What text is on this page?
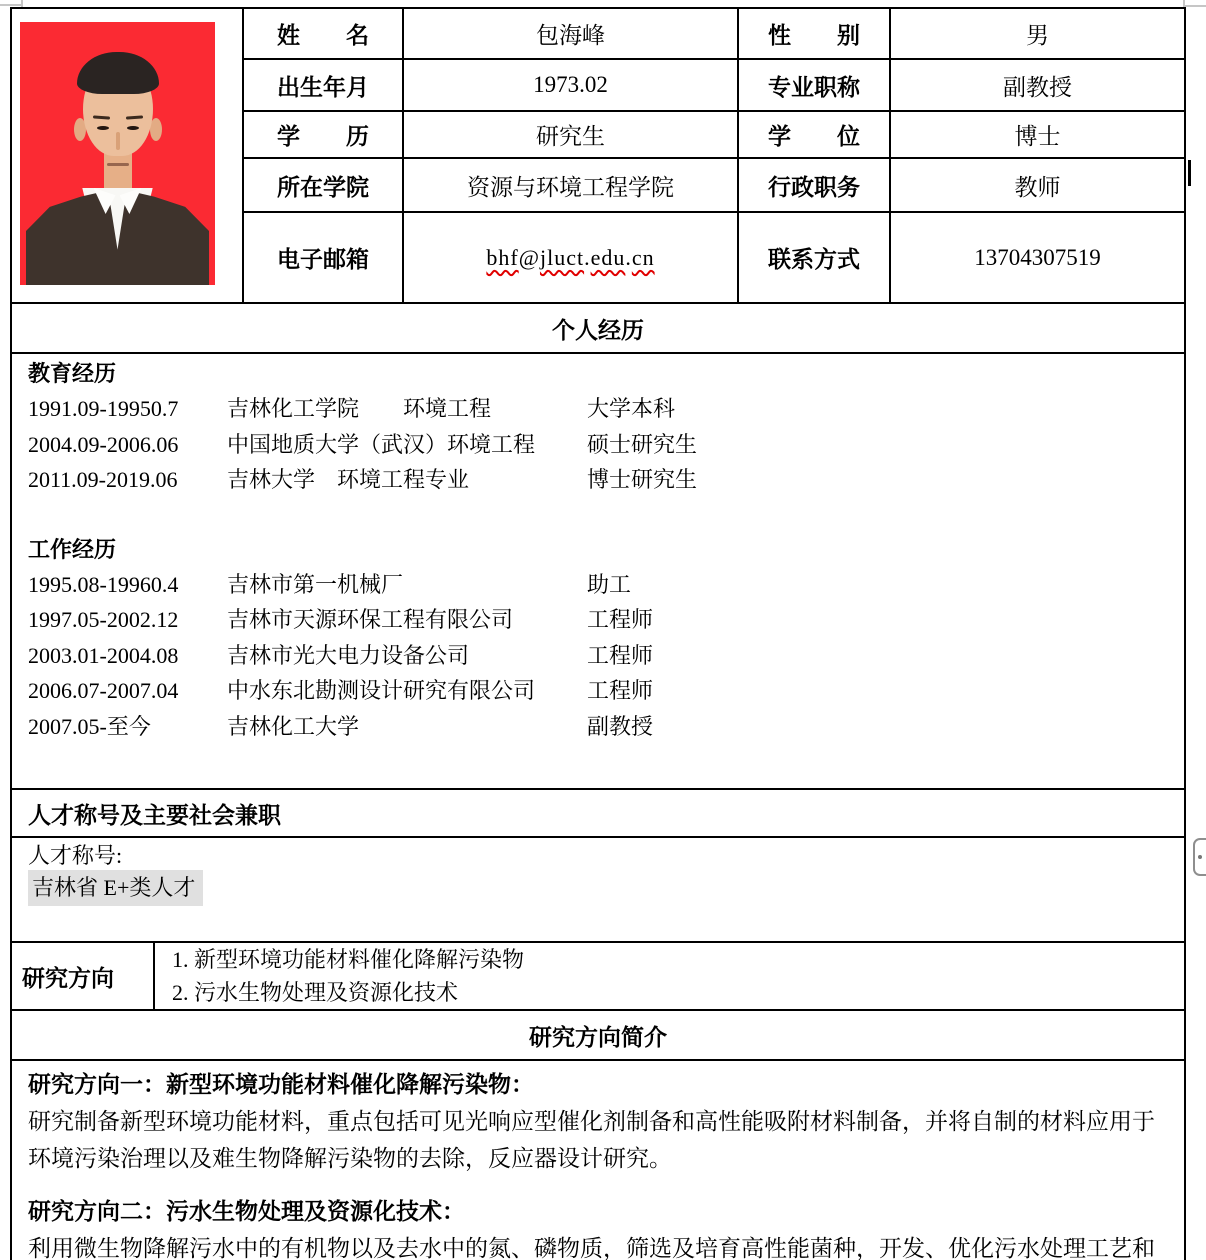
姓　　名	包海峰	性　　别	男
出生年月	1973.02	专业职称	副教授
学　　历	研究生	学　　位	博士
所在学院	资源与环境工程学院	行政职务	教师
电子邮箱	bhf@jluct.edu.cn	联系方式	13704307519
个人经历
教育经历
1991.09-19950.7 吉林化工学院　　环境工程	大学本科
2004.09-2006.06 中国地质大学（武汉）环境工程 硕士研究生
2011.09-2019.06 吉林大学　环境工程专业	博士研究生
工作经历
1995.08-19960.4 吉林市第一机械厂	助工
1997.05-2002.12 吉林市天源环保工程有限公司	工程师
2003.01-2004.08 吉林市光大电力设备公司	工程师
2006.07-2007.04 中水东北勘测设计研究有限公司 工程师
2007.05-至今	吉林化工大学	副教授
人才称号及主要社会兼职
人才称号:
吉林省 E+类人才
研究方向
1. 新型环境功能材料催化降解污染物
2. 污水生物处理及资源化技术
研究方向简介
研究方向一：新型环境功能材料催化降解污染物：
研究制备新型环境功能材料，重点包括可见光响应型催化剂制备和高性能吸附材料制备，并将自制的材料应用于环境污染治理以及难生物降解污染物的去除，反应器设计研究。
研究方向二：污水生物处理及资源化技术：
利用微生物降解污水中的有机物以及去水中的氮、磷物质，筛选及培育高性能菌种，开发、优化污水处理工艺和
